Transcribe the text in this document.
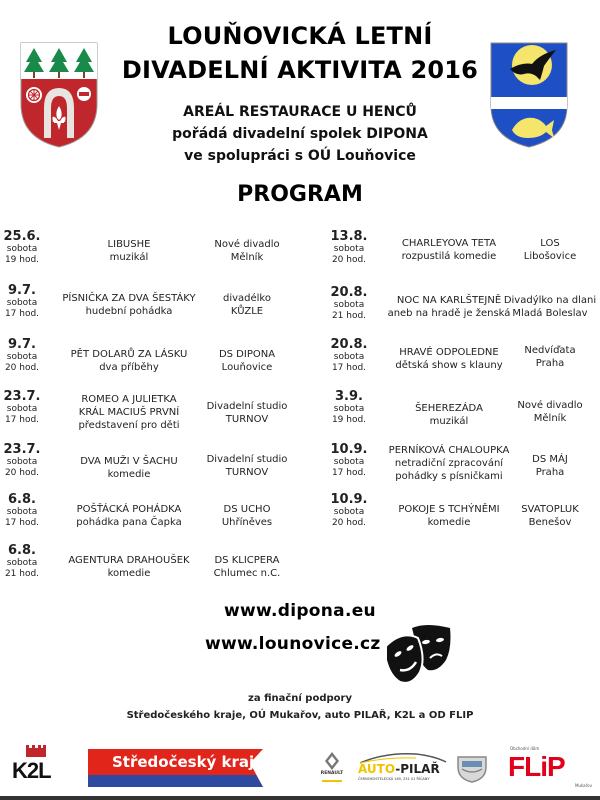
LOUŇOVICKÁ LETNÍ
DIVADELNÍ AKTIVITA 2016
AREÁL RESTAURACE U HENCŮ
pořádá divadelní spolek DIPONA
ve spolupráci s OÚ Louňovice
PROGRAM
25.6.
sobota
19 hod.
LIBUSHE
muzikál
Nové divadlo
Mělník
9.7.
sobota
17 hod.
PÍSNIČKA ZA DVA ŠESTÁKY
hudební pohádka
divadélko
KŮZLE
9.7.
sobota
20 hod.
PĚT DOLARŮ ZA LÁSKU
dva příběhy
DS DIPONA
Louňovice
23.7.
sobota
17 hod.
ROMEO A JULIETKA
KRÁL MACIUŠ PRVNÍ
představení pro děti
Divadelní studio
TURNOV
23.7.
sobota
20 hod.
DVA MUŽI V ŠACHU
komedie
Divadelní studio
TURNOV
6.8.
sobota
17 hod.
POŠŤÁCKÁ POHÁDKA
pohádka pana Čapka
DS UCHO
Uhříněves
6.8.
sobota
21 hod.
AGENTURA DRAHOUŠEK
komedie
DS KLICPERA
Chlumec n.C.
13.8.
sobota
20 hod.
CHARLEYOVA TETA
rozpustilá komedie
LOS
Libošovice
20.8.
sobota
21 hod.
NOC NA KARLŠTEJNĚ
aneb na hradě je ženská
Divadýlko na dlani
Mladá Boleslav
20.8.
sobota
17 hod.
HRAVÉ ODPOLEDNE
dětská show s klauny
Nedvíďata
Praha
3.9.
sobota
19 hod.
ŠEHEREZÁDA
muzikál
Nové divadlo
Mělník
10.9.
sobota
17 hod.
PERNÍKOVÁ CHALOUPKA
netradiční zpracování
pohádky s písničkami
DS MÁJ
Praha
10.9.
sobota
20 hod.
POKOJE S TCHÝNĚMI
komedie
SVATOPLUK
Benešov
www.dipona.eu
www.lounovice.cz
za finační podpory
Středočeského kraje, OÚ Mukařov, auto PILAŘ, K2L a OD FLIP
K2L	Středočeský kraj
RENAULT	AUTO-PILAŘ
ČERNOKOSTELECKÁ 160, 251 01 ŘÍČANY
Obchodní dům
FLiP
Mukařov
